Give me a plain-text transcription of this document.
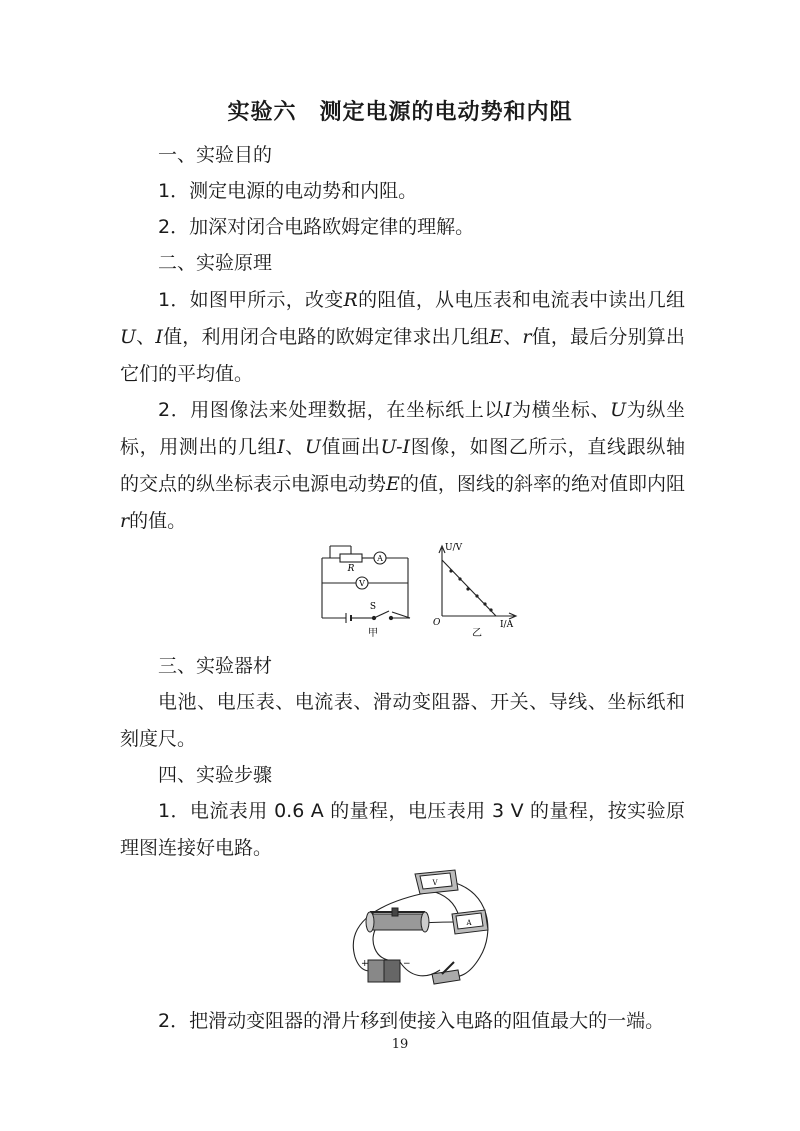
实验六　测定电源的电动势和内阻
一、实验目的
1．测定电源的电动势和内阻。
2．加深对闭合电路欧姆定律的理解。
二、实验原理
1．如图甲所示，改变R的阻值，从电压表和电流表中读出几组U、I值，利用闭合电路的欧姆定律求出几组E、r值，最后分别算出它们的平均值。
2．用图像法来处理数据，在坐标纸上以I为横坐标、U为纵坐标，用测出的几组I、U值画出U-I图像，如图乙所示，直线跟纵轴的交点的纵坐标表示电源电动势E的值，图线的斜率的绝对值即内阻r的值。
R
A
V
S
甲
U/V
I/A
O
乙
三、实验器材
电池、电压表、电流表、滑动变阻器、开关、导线、坐标纸和刻度尺。
四、实验步骤
1．电流表用 0.6 A 的量程，电压表用 3 V 的量程，按实验原理图连接好电路。
V
A
+	−
2．把滑动变阻器的滑片移到使接入电路的阻值最大的一端。
19
